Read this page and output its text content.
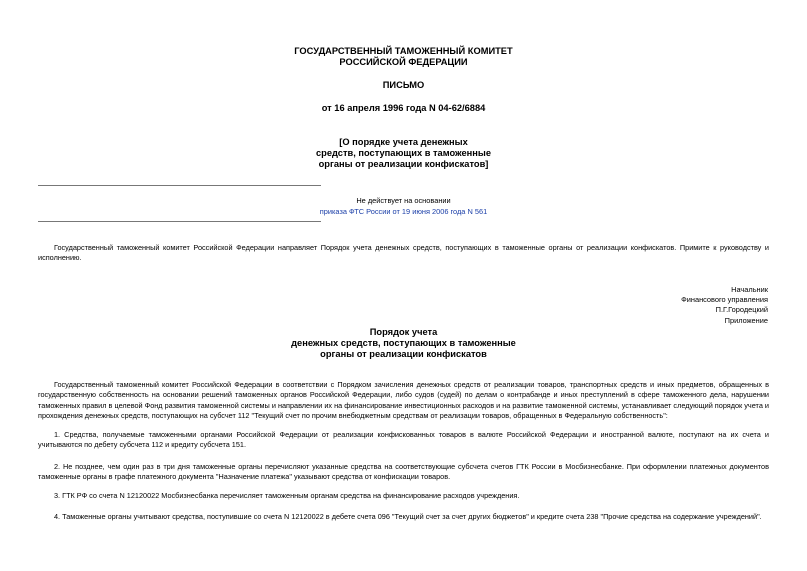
ГОСУДАРСТВЕННЫЙ ТАМОЖЕННЫЙ КОМИТЕТ
РОССИЙСКОЙ ФЕДЕРАЦИИ
ПИСЬМО
от 16 апреля 1996 года N 04-62/6884
[О порядке учета денежных
средств, поступающих в таможенные
органы от реализации конфискатов]
Не действует на основании
приказа ФТС России от 19 июня 2006 года N 561
Государственный таможенный комитет Российской Федерации направляет Порядок учета денежных средств, поступающих в таможенные органы от реализации конфискатов. Примите к руководству и исполнению.
Начальник
Финансового управления
П.Г.Городецкий
Приложение
Порядок учета
денежных средств, поступающих в таможенные
органы от реализации конфискатов
Государственный таможенный комитет Российской Федерации в соответствии с Порядком зачисления денежных средств от реализации товаров, транспортных средств и иных предметов, обращенных в государственную собственность на основании решений таможенных органов Российской Федерации, либо судов (судей) по делам о контрабанде и иных преступлений в сфере таможенного дела, нарушении таможенных правил в целевой Фонд развития таможенной системы и направлении их на финансирование инвестиционных расходов и на развитие таможенной системы, устанавливает следующий порядок учета и прохождения денежных средств, поступающих на субсчет 112 "Текущий счет по прочим внебюджетным средствам от реализации товаров, обращенных в Федеральную собственность":
1. Средства, получаемые таможенными органами Российской Федерации от реализации конфискованных товаров в валюте Российской Федерации и иностранной валюте, поступают на их счета и учитываются по дебету субсчета 112 и кредиту субсчета 151.
2. Не позднее, чем один раз в три дня таможенные органы перечисляют указанные средства на соответствующие субсчета счетов ГТК России в Мосбизнесбанке. При оформлении платежных документов таможенные органы в графе платежного документа "Назначение платежа" указывают средства от конфискации товаров.
3. ГТК РФ со счета N 12120022 Мосбизнесбанка перечисляет таможенным органам средства на финансирование расходов учреждения.
4. Таможенные органы учитывают средства, поступившие со счета N 12120022 в дебете счета 096 "Текущий счет за счет других бюджетов" и кредите счета 238 "Прочие средства на содержание учреждений".
